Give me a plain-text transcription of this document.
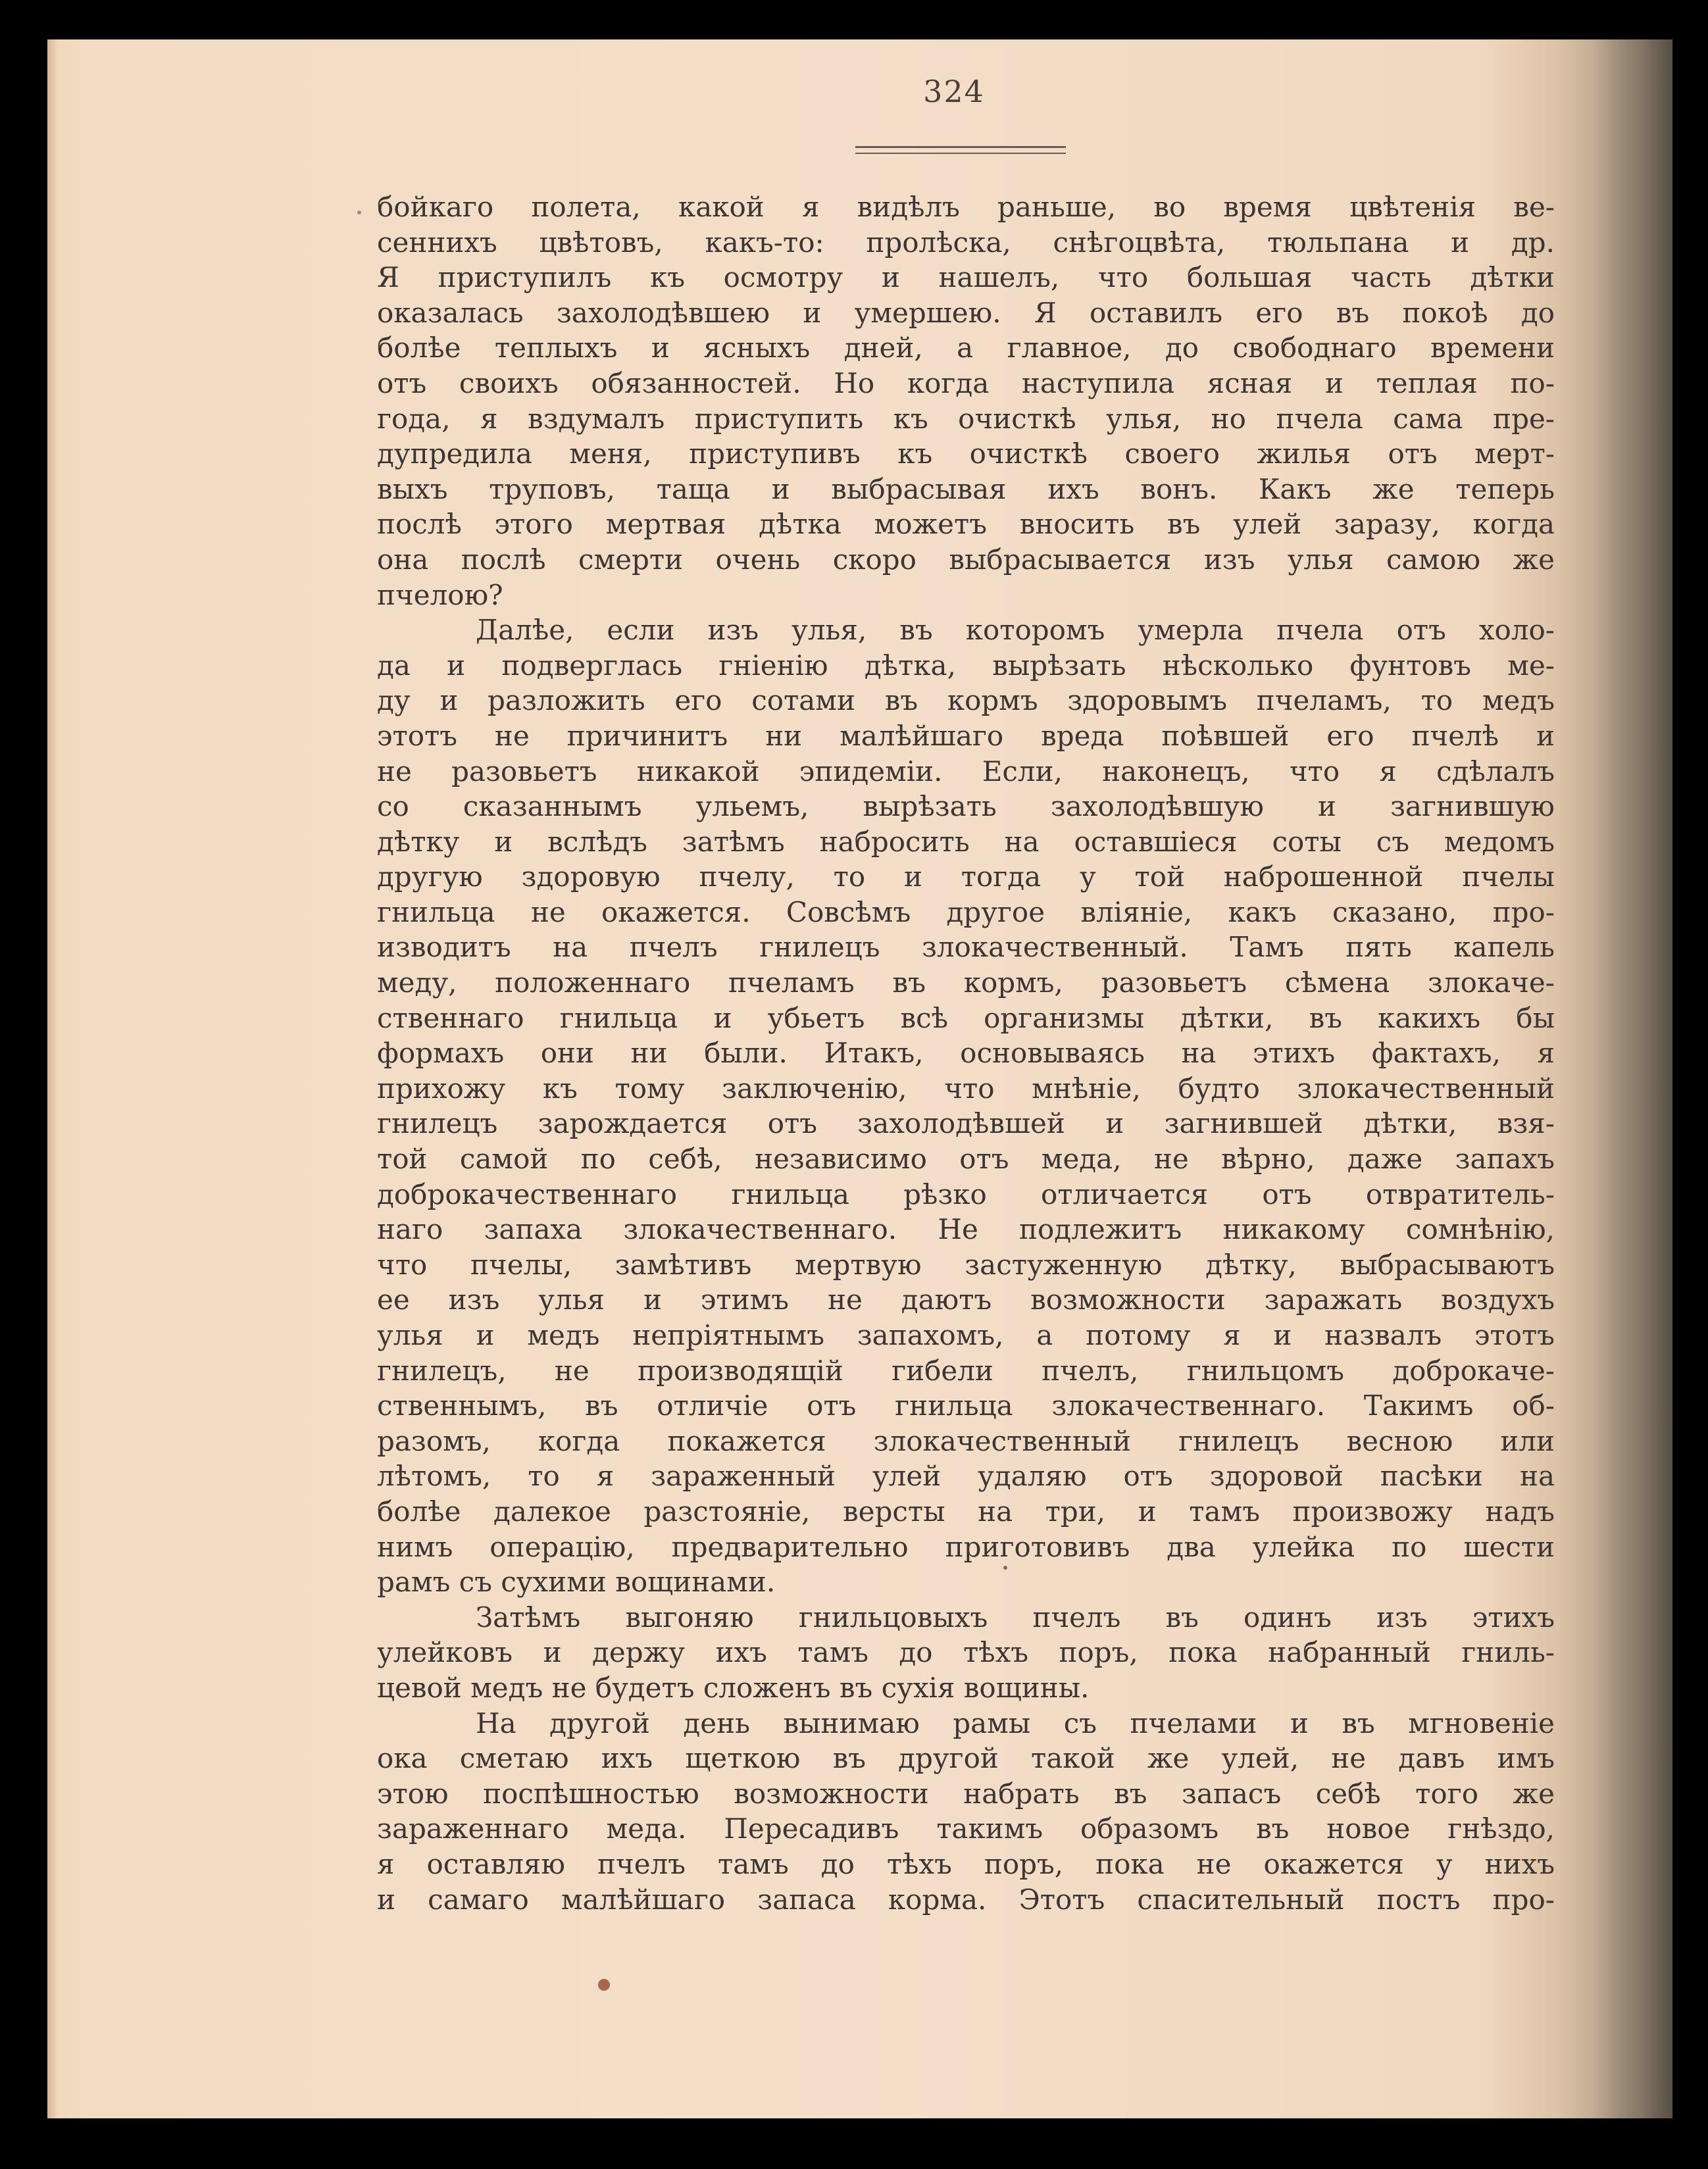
324
бойкаго полета, какой я видѣлъ раньше, во время цвѣтенія ве-
сеннихъ цвѣтовъ, какъ-то: пролѣска, снѣгоцвѣта, тюльпана и др.
Я приступилъ къ осмотру и нашелъ, что большая часть дѣтки
оказалась захолодѣвшею и умершею. Я оставилъ его въ покоѣ до
болѣе теплыхъ и ясныхъ дней, а главное, до свободнаго времени
отъ своихъ обязанностей. Но когда наступила ясная и теплая по-
года, я вздумалъ приступить къ очисткѣ улья, но пчела сама пре-
дупредила меня, приступивъ къ очисткѣ своего жилья отъ мерт-
выхъ труповъ, таща и выбрасывая ихъ вонъ. Какъ же теперь
послѣ этого мертвая дѣтка можетъ вносить въ улей заразу, когда
она послѣ смерти очень скоро выбрасывается изъ улья самою же
пчелою?
Далѣе, если изъ улья, въ которомъ умерла пчела отъ холо-
да и подверглась гніенію дѣтка, вырѣзать нѣсколько фунтовъ ме-
ду и разложить его сотами въ кормъ здоровымъ пчеламъ, то медъ
этотъ не причинитъ ни малѣйшаго вреда поѣвшей его пчелѣ и
не разовьетъ никакой эпидеміи. Если, наконецъ, что я сдѣлалъ
со сказаннымъ ульемъ, вырѣзать захолодѣвшую и загнившую
дѣтку и вслѣдъ затѣмъ набросить на оставшіеся соты съ медомъ
другую здоровую пчелу, то и тогда у той наброшенной пчелы
гнильца не окажется. Совсѣмъ другое вліяніе, какъ сказано, про-
изводитъ на пчелъ гнилецъ злокачественный. Тамъ пять капель
меду, положеннаго пчеламъ въ кормъ, разовьетъ сѣмена злокаче-
ственнаго гнильца и убьетъ всѣ организмы дѣтки, въ какихъ бы
формахъ они ни были. Итакъ, основываясь на этихъ фактахъ, я
прихожу къ тому заключенію, что мнѣніе, будто злокачественный
гнилецъ зарождается отъ захолодѣвшей и загнившей дѣтки, взя-
той самой по себѣ, независимо отъ меда, не вѣрно, даже запахъ
доброкачественнаго гнильца рѣзко отличается отъ отвратитель-
наго запаха злокачественнаго. Не подлежитъ никакому сомнѣнію,
что пчелы, замѣтивъ мертвую застуженную дѣтку, выбрасываютъ
ее изъ улья и этимъ не даютъ возможности заражать воздухъ
улья и медъ непріятнымъ запахомъ, а потому я и назвалъ этотъ
гнилецъ, не производящій гибели пчелъ, гнильцомъ доброкаче-
ственнымъ, въ отличіе отъ гнильца злокачественнаго. Такимъ об-
разомъ, когда покажется злокачественный гнилецъ весною или
лѣтомъ, то я зараженный улей удаляю отъ здоровой пасѣки на
болѣе далекое разстояніе, версты на три, и тамъ произвожу надъ
нимъ операцію, предварительно приготовивъ два улейка по шести
рамъ съ сухими вощинами.
Затѣмъ выгоняю гнильцовыхъ пчелъ въ одинъ изъ этихъ
улейковъ и держу ихъ тамъ до тѣхъ поръ, пока набранный гниль-
цевой медъ не будетъ сложенъ въ сухія вощины.
На другой день вынимаю рамы съ пчелами и въ мгновеніе
ока сметаю ихъ щеткою въ другой такой же улей, не давъ имъ
этою поспѣшностью возможности набрать въ запасъ себѣ того же
зараженнаго меда. Пересадивъ такимъ образомъ въ новое гнѣздо,
я оставляю пчелъ тамъ до тѣхъ поръ, пока не окажется у нихъ
и самаго малѣйшаго запаса корма. Этотъ спасительный постъ про-
